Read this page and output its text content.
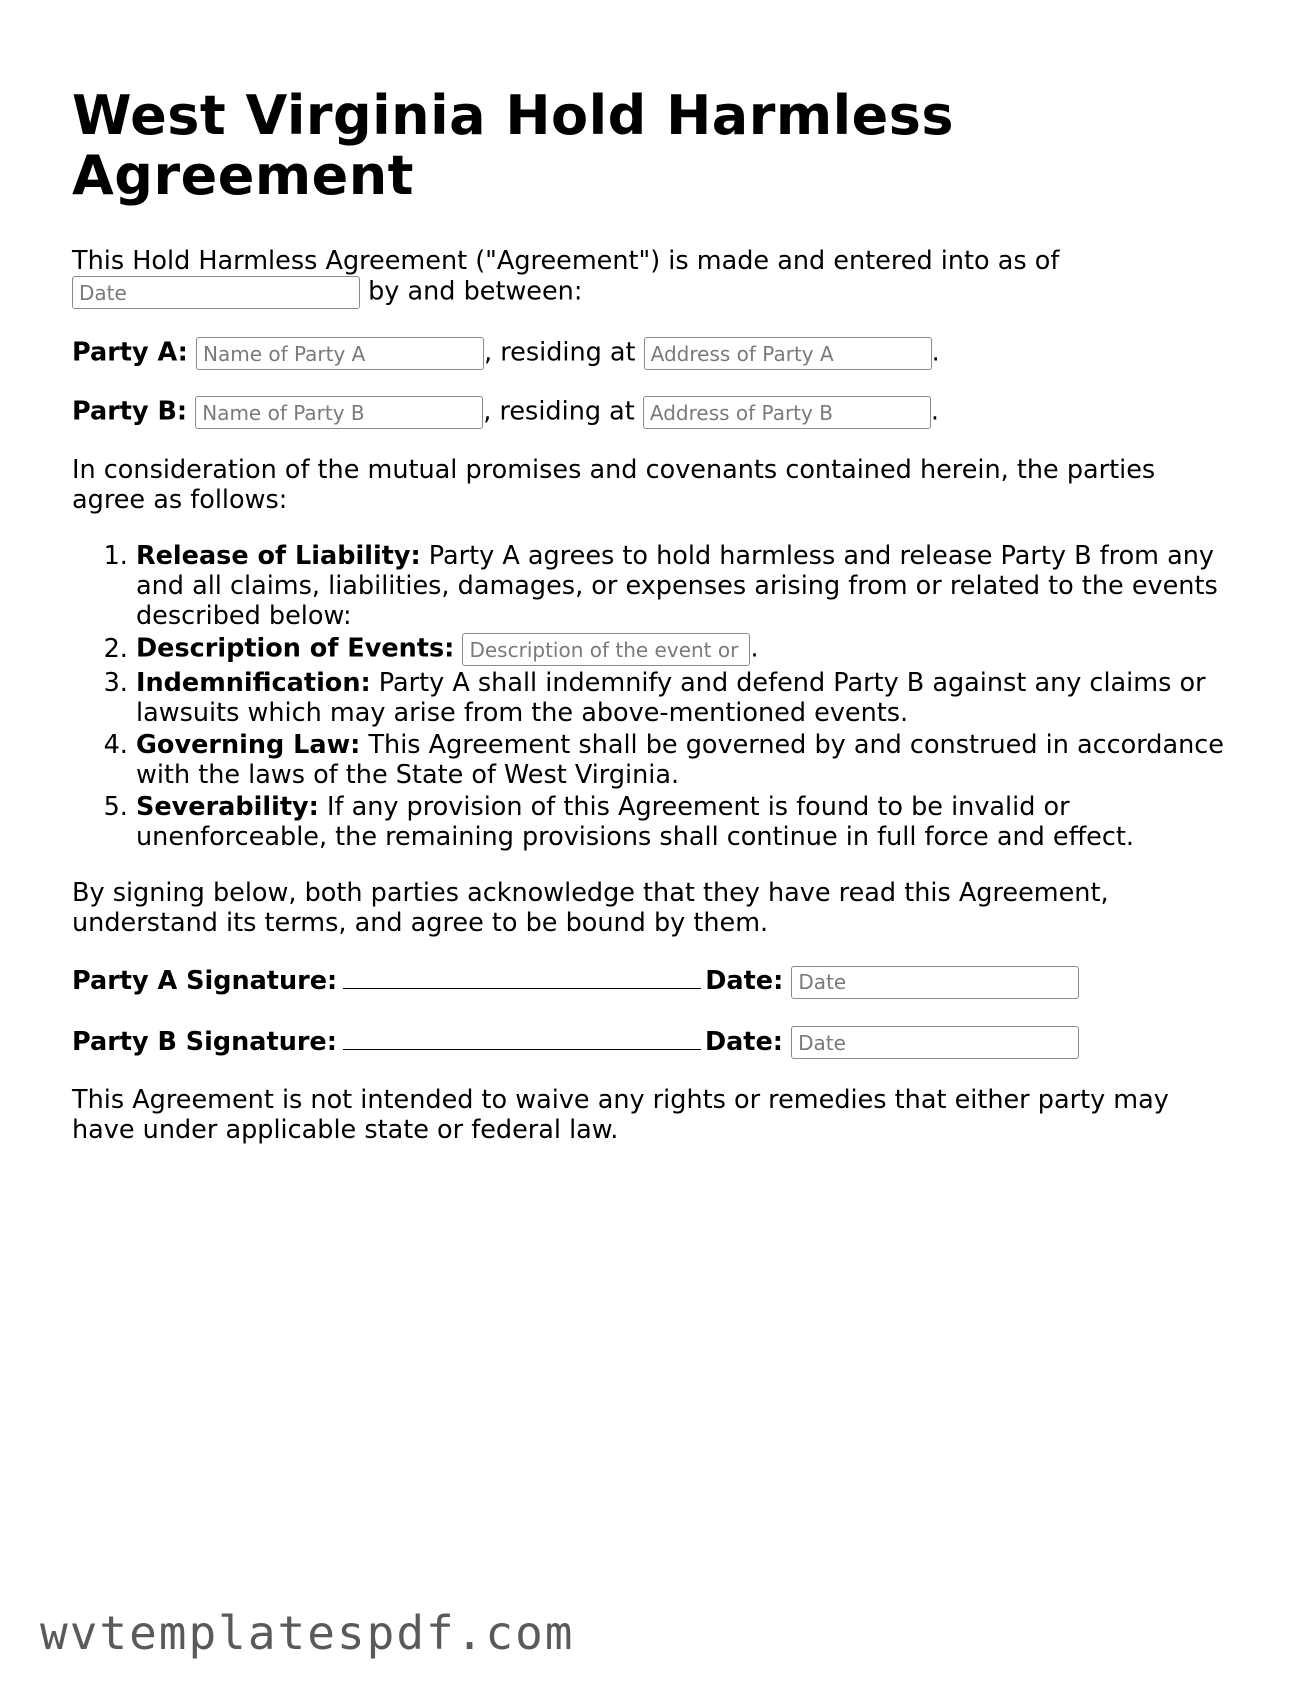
West Virginia Hold Harmless Agreement

This Hold Harmless Agreement ("Agreement") is made and entered into as of
Date by and between:

Party A: Name of Party A	, residing at Address of Party A	.

Party B: Name of Party B	, residing at Address of Party B	.

In consideration of the mutual promises and covenants contained herein, the parties agree as follows:

1. Release of Liability: Party A agrees to hold harmless and release Party B from any and all claims, liabilities, damages, or expenses arising from or related to the events described below:
2. Description of Events: Description of the event or	.
3. Indemnification: Party A shall indemnify and defend Party B against any claims or lawsuits which may arise from the above-mentioned events.
4. Governing Law: This Agreement shall be governed by and construed in accordance with the laws of the State of West Virginia.
5. Severability: If any provision of this Agreement is found to be invalid or unenforceable, the remaining provisions shall continue in full force and effect.

By signing below, both parties acknowledge that they have read this Agreement, understand its terms, and agree to be bound by them.

Party A Signature:	Date: Date

Party B Signature:	Date: Date

This Agreement is not intended to waive any rights or remedies that either party may have under applicable state or federal law.

wvtemplatespdf.com
